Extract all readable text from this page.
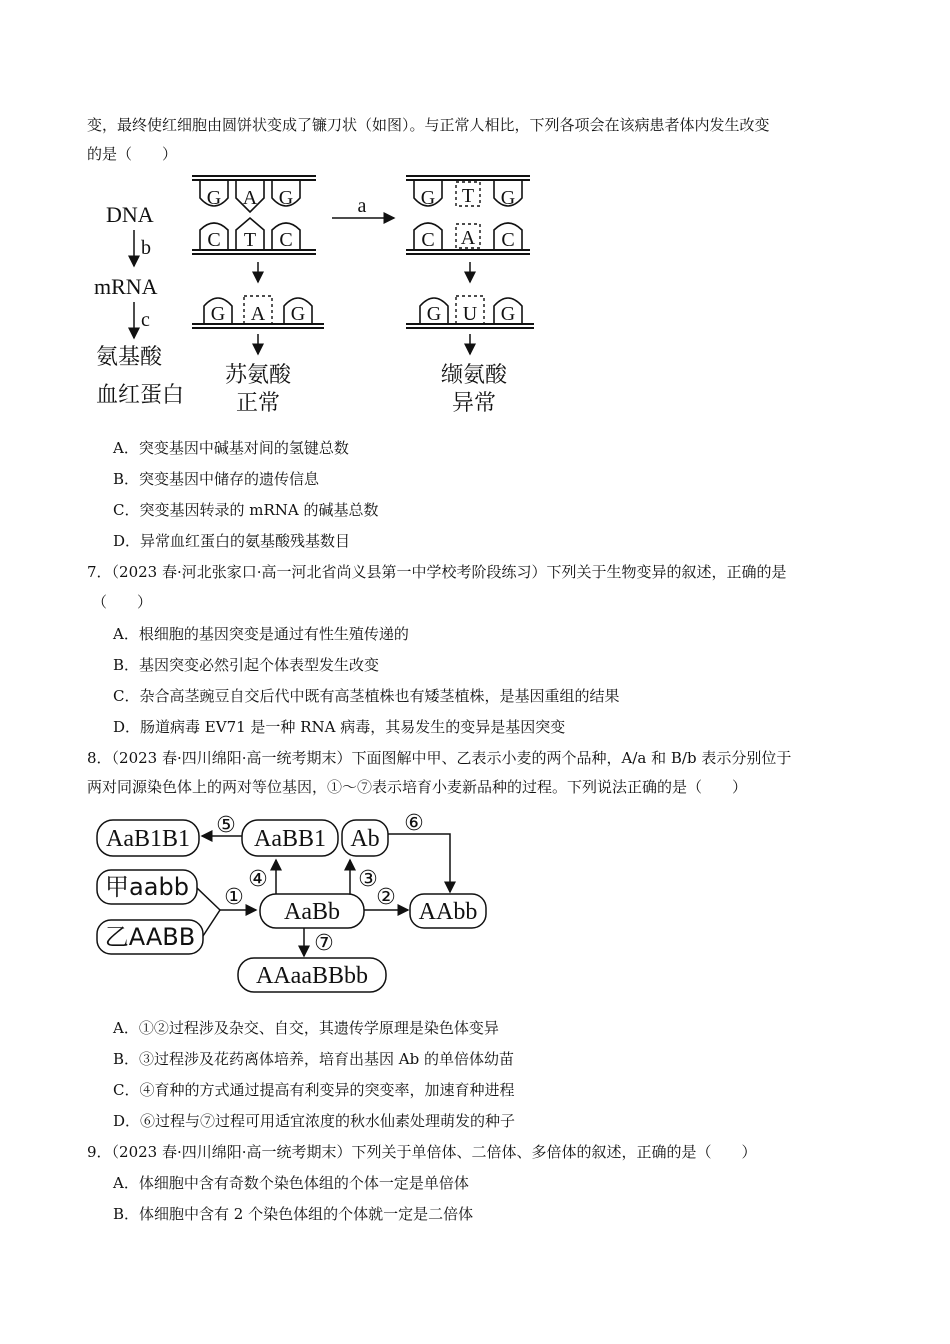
变，最终使红细胞由圆饼状变成了镰刀状（如图）。与正常人相比，下列各项会在该病患者体内发生改变
的是（　　）
DNA
b
mRNA
c
氨基酸
血红蛋白
G A G
C T C
G A G
苏氨酸
正常
a	G T G
C A C
G U G
缬氨酸
异常
A．突变基因中碱基对间的氢键总数
B．突变基因中储存的遗传信息
C．突变基因转录的 mRNA 的碱基总数
D．异常血红蛋白的氨基酸残基数目
7．（2023 春·河北张家口·高一河北省尚义县第一中学校考阶段练习）下列关于生物变异的叙述，正确的是
（　　）
A．根细胞的基因突变是通过有性生殖传递的
B．基因突变必然引起个体表型发生改变
C．杂合高茎豌豆自交后代中既有高茎植株也有矮茎植株，是基因重组的结果
D．肠道病毒 EV71 是一种 RNA 病毒，其易发生的变异是基因突变
8．（2023 春·四川绵阳·高一统考期末）下面图解中甲、乙表示小麦的两个品种，A/a 和 B/b 表示分别位于
两对同源染色体上的两对等位基因，①～⑦表示培育小麦新品种的过程。下列说法正确的是（　　）
AaB1B1	AaBB1 Ab
⑤	⑥
甲aabb
乙AABB
①
AaBb
④	③
②
AAbb
⑦
AAaaBBbb
A．①②过程涉及杂交、自交，其遗传学原理是染色体变异
B．③过程涉及花药离体培养，培育出基因 Ab 的单倍体幼苗
C．④育种的方式通过提高有利变异的突变率，加速育种进程
D．⑥过程与⑦过程可用适宜浓度的秋水仙素处理萌发的种子
9．（2023 春·四川绵阳·高一统考期末）下列关于单倍体、二倍体、多倍体的叙述，正确的是（　　）
A．体细胞中含有奇数个染色体组的个体一定是单倍体
B．体细胞中含有 2 个染色体组的个体就一定是二倍体
